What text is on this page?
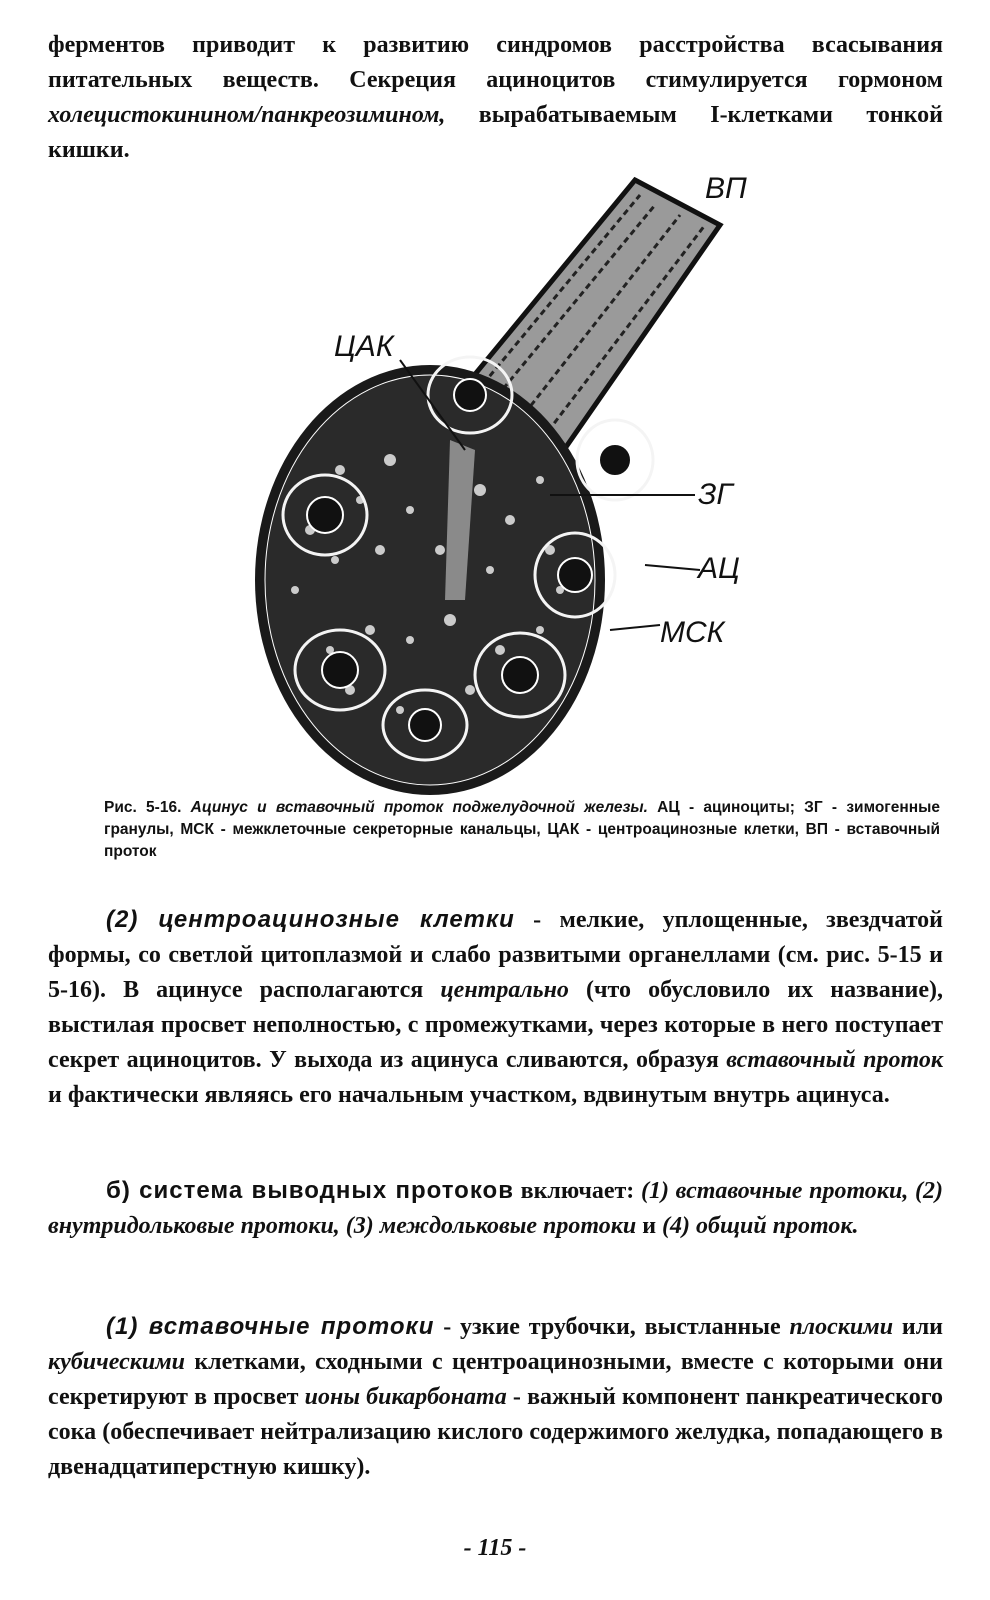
ферментов приводит к развитию синдромов расстройства всасывания питательных веществ. Секреция ациноцитов стимулируется гормоном холецистокинином/панкреозимином, вырабатываемым I-клетками тонкой кишки.
ВП
ЦАК
ЗГ
АЦ
МСК
Рис. 5-16. Ацинус и вставочный проток поджелудочной железы. АЦ - ациноциты; ЗГ - зимогенные гранулы, МСК - межклеточные секреторные канальцы, ЦАК - центроацинозные клетки, ВП - вставочный проток
(2) центроацинозные клетки - мелкие, уплощенные, звездчатой формы, со светлой цитоплазмой и слабо развитыми органеллами (см. рис. 5-15 и 5-16). В ацинусе располагаются центрально (что обусловило их название), выстилая просвет неполностью, с промежутками, через которые в него поступает секрет ациноцитов. У выхода из ацинуса сливаются, образуя вставочный проток и фактически являясь его начальным участком, вдвинутым внутрь ацинуса.
б) система выводных протоков включает: (1) вставочные протоки, (2) внутридольковые протоки, (3) междольковые протоки и (4) общий проток.
(1) вставочные протоки - узкие трубочки, выстланные плоскими или кубическими клетками, сходными с центроацинозными, вместе с которыми они секретируют в просвет ионы бикарбоната - важный компонент панкреатического сока (обеспечивает нейтрализацию кислого содержимого желудка, попадающего в двенадцатиперстную кишку).
- 115 -
